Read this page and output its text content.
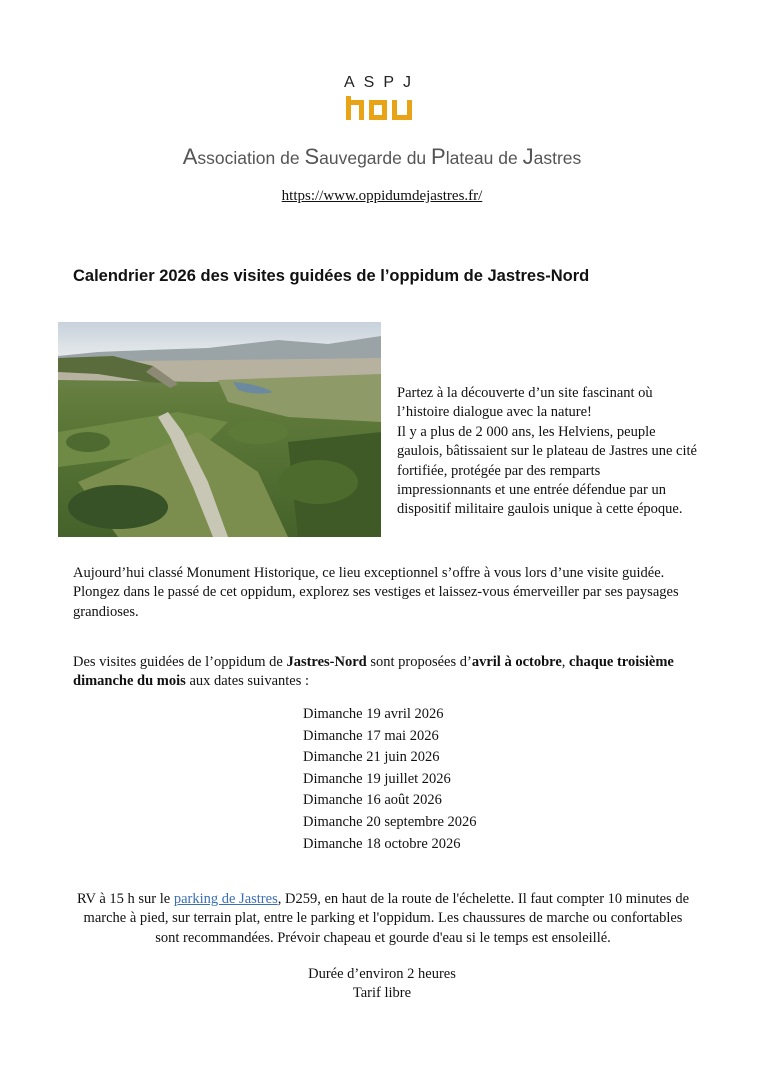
ASPJ
Association de Sauvegarde du Plateau de Jastres
https://www.oppidumdejastres.fr/
Calendrier 2026 des visites guidées de l’oppidum de Jastres-Nord

Partez à la découverte d’un site fascinant où l’histoire dialogue avec la nature!
Il y a plus de 2 000 ans, les Helviens, peuple gaulois, bâtissaient sur le plateau de Jastres une cité fortifiée, protégée par des remparts impressionnants et une entrée défendue par un dispositif militaire gaulois unique à cette époque.

Aujourd’hui classé Monument Historique, ce lieu exceptionnel s’offre à vous lors d’une visite guidée. Plongez dans le passé de cet oppidum, explorez ses vestiges et laissez-vous émerveiller par ses paysages grandioses.

Des visites guidées de l’oppidum de Jastres-Nord sont proposées d’avril à octobre, chaque troisième dimanche du mois aux dates suivantes :

Dimanche 19 avril 2026
Dimanche 17 mai 2026
Dimanche 21 juin 2026
Dimanche 19 juillet 2026
Dimanche 16 août 2026
Dimanche 20 septembre 2026
Dimanche 18 octobre 2026

RV à 15 h sur le parking de Jastres, D259, en haut de la route de l'échelette. Il faut compter 10 minutes de marche à pied, sur terrain plat, entre le parking et l'oppidum. Les chaussures de marche ou confortables sont recommandées. Prévoir chapeau et gourde d'eau si le temps est ensoleillé.

Durée d’environ 2 heures
Tarif libre
